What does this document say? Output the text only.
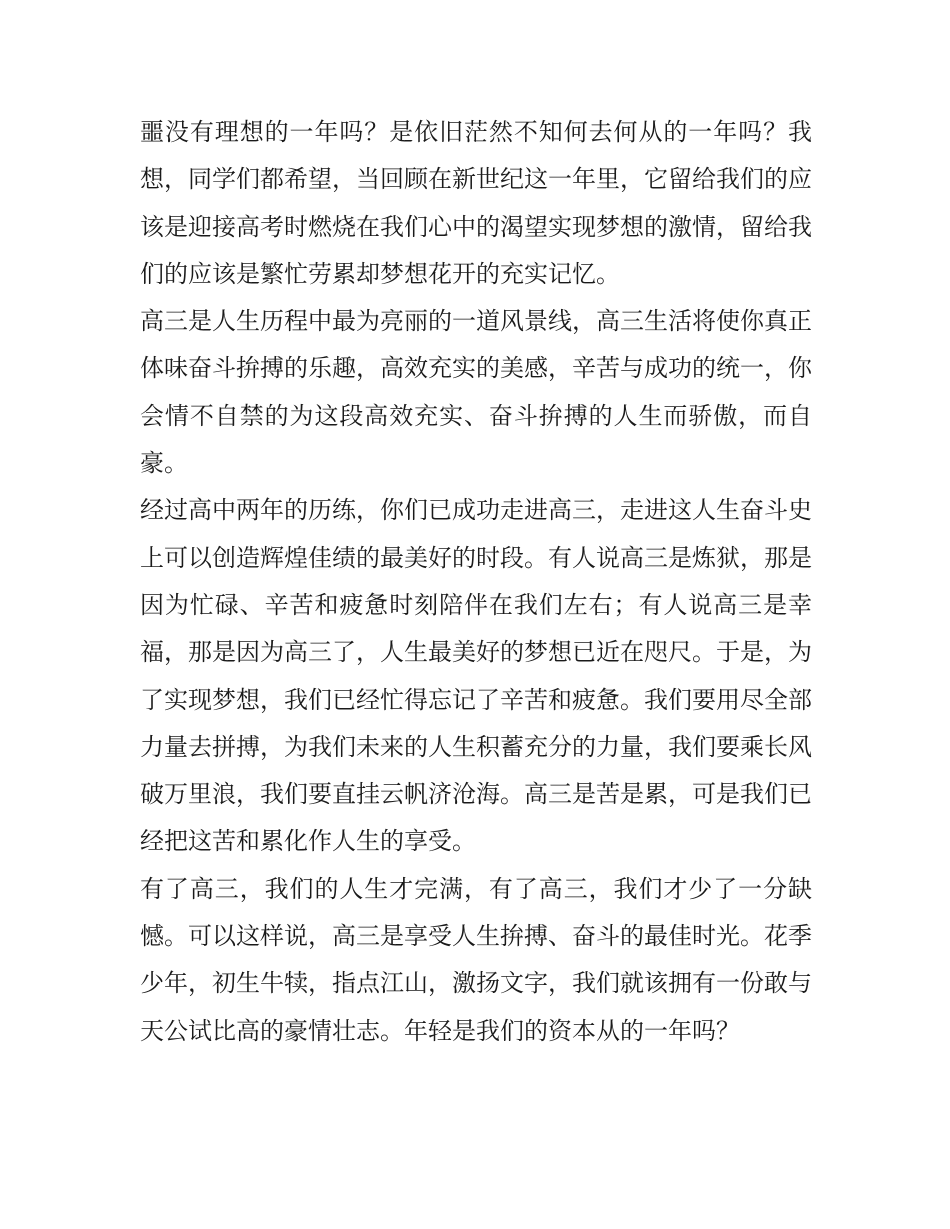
噩没有理想的一年吗？是依旧茫然不知何去何从的一年吗？我想，同学们都希望，当回顾在新世纪这一年里，它留给我们的应该是迎接高考时燃烧在我们心中的渴望实现梦想的激情，留给我们的应该是繁忙劳累却梦想花开的充实记忆。

高三是人生历程中最为亮丽的一道风景线，高三生活将使你真正体味奋斗拚搏的乐趣，高效充实的美感，辛苦与成功的统一，你会情不自禁的为这段高效充实、奋斗拚搏的人生而骄傲，而自豪。

经过高中两年的历练，你们已成功走进高三，走进这人生奋斗史上可以创造辉煌佳绩的最美好的时段。有人说高三是炼狱，那是因为忙碌、辛苦和疲惫时刻陪伴在我们左右；有人说高三是幸福，那是因为高三了，人生最美好的梦想已近在咫尺。于是，为了实现梦想，我们已经忙得忘记了辛苦和疲惫。我们要用尽全部力量去拼搏，为我们未来的人生积蓄充分的力量，我们要乘长风破万里浪，我们要直挂云帆济沧海。高三是苦是累，可是我们已经把这苦和累化作人生的享受。

有了高三，我们的人生才完满，有了高三，我们才少了一分缺憾。可以这样说，高三是享受人生拚搏、奋斗的最佳时光。花季少年，初生牛犊，指点江山，激扬文字，我们就该拥有一份敢与天公试比高的豪情壮志。年轻是我们的资本从的一年吗？
